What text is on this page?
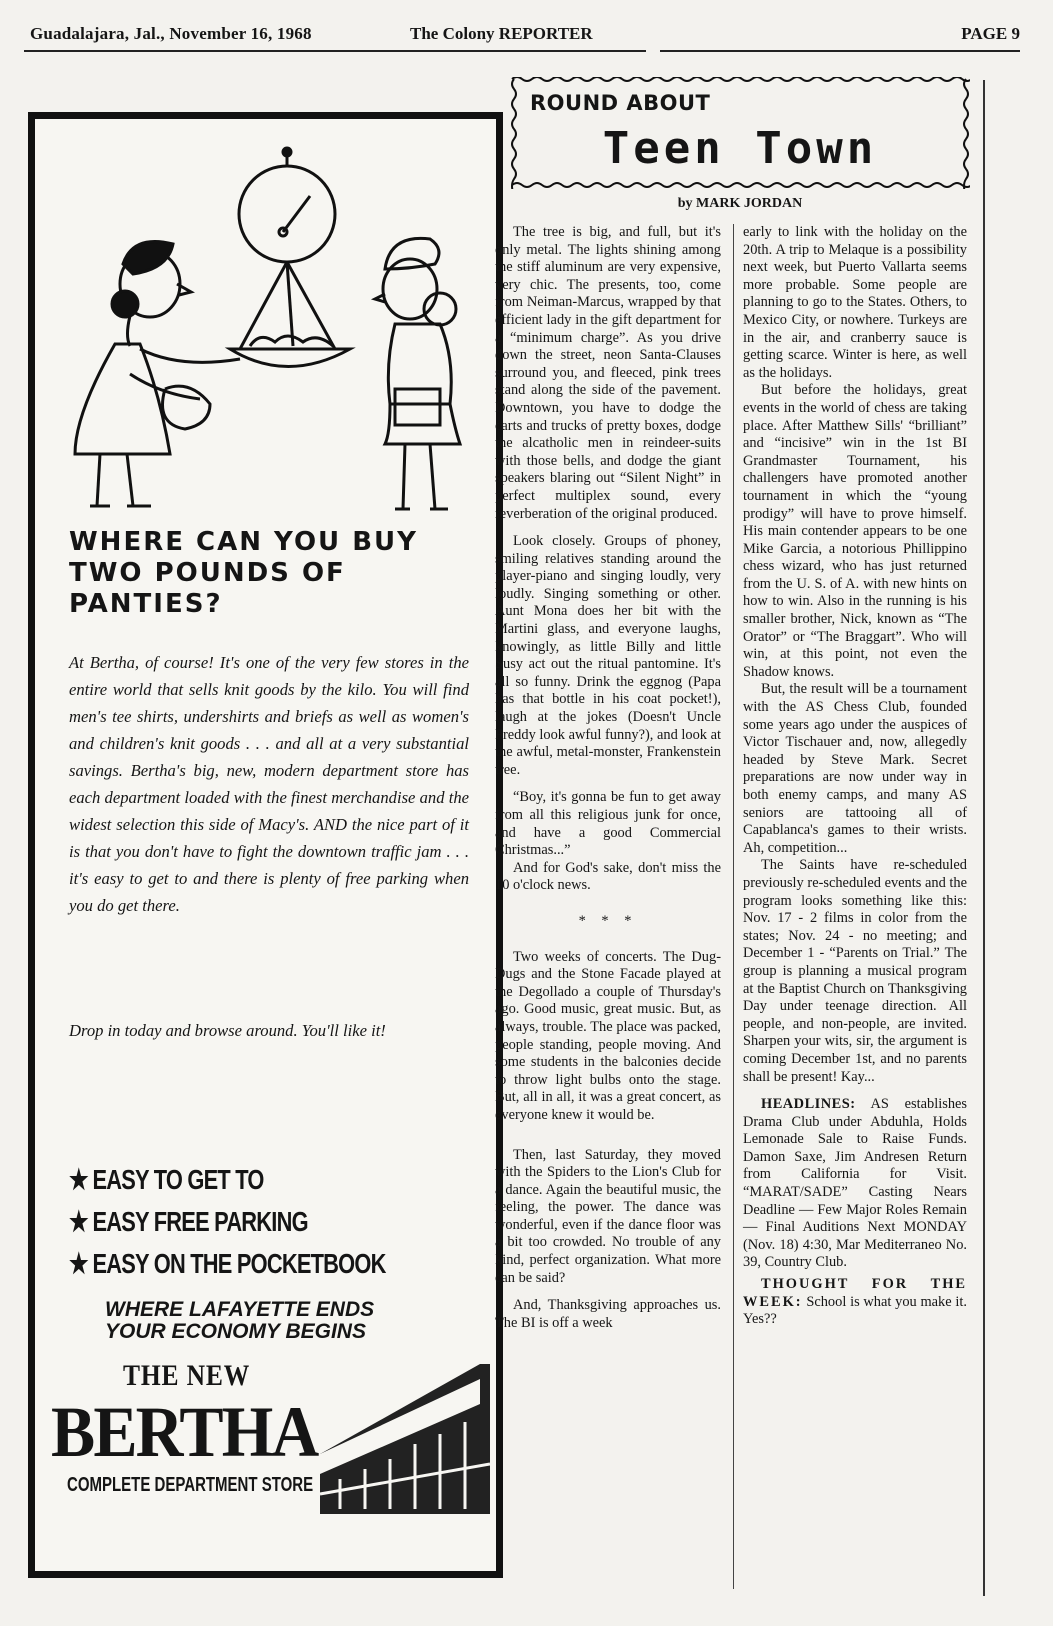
Guadalajara, Jal., November 16, 1968	The Colony REPORTER	PAGE 9
WHERE CAN YOU BUY TWO POUNDS OF PANTIES?

At Bertha, of course! It's one of the very few stores in the entire world that sells knit goods by the kilo. You will find men's tee shirts, undershirts and briefs as well as women's and children's knit goods . . . and all at a very substantial savings. Bertha's big, new, modern department store has each department loaded with the finest merchandise and the widest selection this side of Macy's. AND the nice part of it is that you don't have to fight the downtown traffic jam . . . it's easy to get to and there is plenty of free parking when you do get there.

Drop in today and browse around. You'll like it!

★ EASY TO GET TO
★ EASY FREE PARKING
★ EASY ON THE POCKETBOOK
WHERE LAFAYETTE ENDS
YOUR ECONOMY BEGINS
THE NEW
BERTHA
COMPLETE DEPARTMENT STORE
ROUND ABOUT
Teen Town
by MARK JORDAN

The tree is big, and full, but it's only metal. The lights shining among the stiff aluminum are very expensive, very chic. The presents, too, come from Neiman-Marcus, wrapped by that efficient lady in the gift department for a “minimum charge”. As you drive down the street, neon Santa-Clauses surround you, and fleeced, pink trees stand along the side of the pavement. Downtown, you have to dodge the carts and trucks of pretty boxes, dodge the alcatholic men in reindeer-suits with those bells, and dodge the giant speakers blaring out “Silent Night” in perfect multiplex sound, every reverberation of the original produced.

Look closely. Groups of phoney, smiling relatives standing around the player-piano and singing loudly, very loudly. Singing something or other. Aunt Mona does her bit with the Martini glass, and everyone laughs, knowingly, as little Billy and little Susy act out the ritual pantomine. It's all so funny. Drink the eggnog (Papa has that bottle in his coat pocket!), laugh at the jokes (Doesn't Uncle Freddy look awful funny?), and look at the awful, metal-monster, Frankenstein tree.

“Boy, it's gonna be fun to get away from all this religious junk for once, and have a good Commercial Christmas...”

And for God's sake, don't miss the 10 o'clock news.

* * *

Two weeks of concerts. The Dug-Dugs and the Stone Facade played at the Degollado a couple of Thursday's ago. Good music, great music. But, as always, trouble. The place was packed, people standing, people moving. And some students in the balconies decide to throw light bulbs onto the stage. But, all in all, it was a great concert, as everyone knew it would be.

Then, last Saturday, they moved with the Spiders to the Lion's Club for a dance. Again the beautiful music, the feeling, the power. The dance was wonderful, even if the dance floor was a bit too crowded. No trouble of any kind, perfect organization. What more can be said?

And, Thanksgiving approaches us. The BI is off a week

early to link with the holiday on the 20th. A trip to Melaque is a possibility next week, but Puerto Vallarta seems more probable. Some people are planning to go to the States. Others, to Mexico City, or nowhere. Turkeys are in the air, and cranberry sauce is getting scarce. Winter is here, as well as the holidays.

But before the holidays, great events in the world of chess are taking place. After Matthew Sills' “brilliant” and “incisive” win in the 1st BI Grandmaster Tournament, his challengers have promoted another tournament in which the “young prodigy” will have to prove himself. His main contender appears to be one Mike Garcia, a notorious Phillippino chess wizard, who has just returned from the U. S. of A. with new hints on how to win. Also in the running is his smaller brother, Nick, known as “The Orator” or “The Braggart”. Who will win, at this point, not even the Shadow knows.

But, the result will be a tournament with the AS Chess Club, founded some years ago under the auspices of Victor Tischauer and, now, allegedly headed by Steve Mark. Secret preparations are now under way in both enemy camps, and many AS seniors are tattooing all of Capablanca's games to their wrists. Ah, competition...

The Saints have re-scheduled previously re-scheduled events and the program looks something like this: Nov. 17 - 2 films in color from the states; Nov. 24 - no meeting; and December 1 - “Parents on Trial.” The group is planning a musical program at the Baptist Church on Thanksgiving Day under teenage direction. All people, and non-people, are invited. Sharpen your wits, sir, the argument is coming December 1st, and no parents shall be present! Kay...

HEADLINES: AS establishes Drama Club under Abduhla, Holds Lemonade Sale to Raise Funds. Damon Saxe, Jim Andresen Return from California for Visit. “MARAT/SADE” Casting Nears Deadline — Few Major Roles Remain — Final Auditions Next MONDAY (Nov. 18) 4:30, Mar Mediterraneo No. 39, Country Club.

THOUGHT FOR THE WEEK: School is what you make it. Yes??
